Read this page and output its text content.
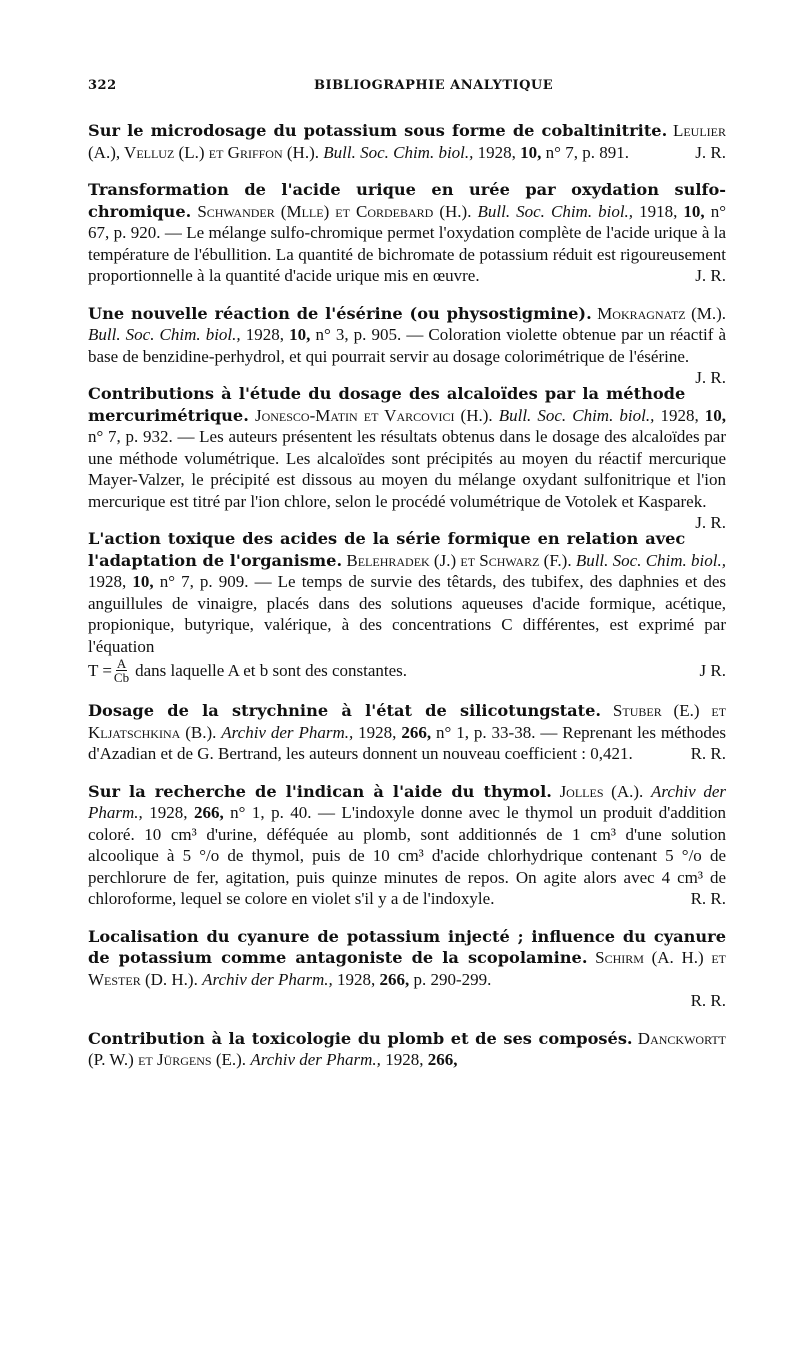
322	BIBLIOGRAPHIE ANALYTIQUE
Sur le microdosage du potassium sous forme de cobaltinitrite. Leulier (A.), Velluz (L.) et Griffon (H.). Bull. Soc. Chim. biol., 1928, 10, n° 7, p. 891.	J. R.
Transformation de l'acide urique en urée par oxydation sulfo-chromique. Schwander (Mlle) et Cordebard (H.). Bull. Soc. Chim. biol., 1918, 10, n° 67, p. 920. — Le mélange sulfo-chromique permet l'oxydation complète de l'acide urique à la température de l'ébullition. La quantité de bichromate de potassium réduit est rigoureusement proportionnelle à la quantité d'acide urique mis en œuvre.	J. R.
Une nouvelle réaction de l'ésérine (ou physostigmine). Mokragnatz (M.). Bull. Soc. Chim. biol., 1928, 10, n° 3, p. 905. — Coloration violette obtenue par un réactif à base de benzidine-perhydrol, et qui pourrait servir au dosage colorimétrique de l'ésérine.
J. R.
Contributions à l'étude du dosage des alcaloïdes par la méthode mercurimétrique. Jonesco-Matin et Varcovici (H.). Bull. Soc. Chim. biol., 1928, 10, n° 7, p. 932. — Les auteurs présentent les résultats obtenus dans le dosage des alcaloïdes par une méthode volumétrique. Les alcaloïdes sont précipités au moyen du réactif mercurique Mayer-Valzer, le précipité est dissous au moyen du mélange oxydant sulfonitrique et l'ion mercurique est titré par l'ion chlore, selon le procédé volumétrique de Votolek et Kasparek.
J. R.
L'action toxique des acides de la série formique en relation avec l'adaptation de l'organisme. Belehradek (J.) et Schwarz (F.). Bull. Soc. Chim. biol., 1928, 10, n° 7, p. 909. — Le temps de survie des têtards, des tubifex, des daphnies et des anguillules de vinaigre, placés dans des solutions aqueuses d'acide formique, acétique, propionique, butyrique, valérique, à des concentrations C différentes, est exprimé par l'équation
$T = \frac{A}{Cb}$ dans laquelle A et b sont des constantes.	J R.
Dosage de la strychnine à l'état de silicotungstate. Stuber (E.) et Kljatschkina (B.). Archiv der Pharm., 1928, 266, n° 1, p. 33-38. — Reprenant les méthodes d'Azadian et de G. Bertrand, les auteurs donnent un nouveau coefficient : 0,421.	R. R.
Sur la recherche de l'indican à l'aide du thymol. Jolles (A.). Archiv der Pharm., 1928, 266, n° 1, p. 40. — L'indoxyle donne avec le thymol un produit d'addition coloré. 10 cm³ d'urine, déféquée au plomb, sont additionnés de 1 cm³ d'une solution alcoolique à 5 °/o de thymol, puis de 10 cm³ d'acide chlorhydrique contenant 5 °/o de perchlorure de fer, agitation, puis quinze minutes de repos. On agite alors avec 4 cm³ de chloroforme, lequel se colore en violet s'il y a de l'indoxyle.	R. R.
Localisation du cyanure de potassium injecté ; influence du cyanure de potassium comme antagoniste de la scopolamine. Schirm (A. H.) et Wester (D. H.). Archiv der Pharm., 1928, 266, p. 290-299.
R. R.
Contribution à la toxicologie du plomb et de ses composés. Danckwortt (P. W.) et Jürgens (E.). Archiv der Pharm., 1928, 266,
